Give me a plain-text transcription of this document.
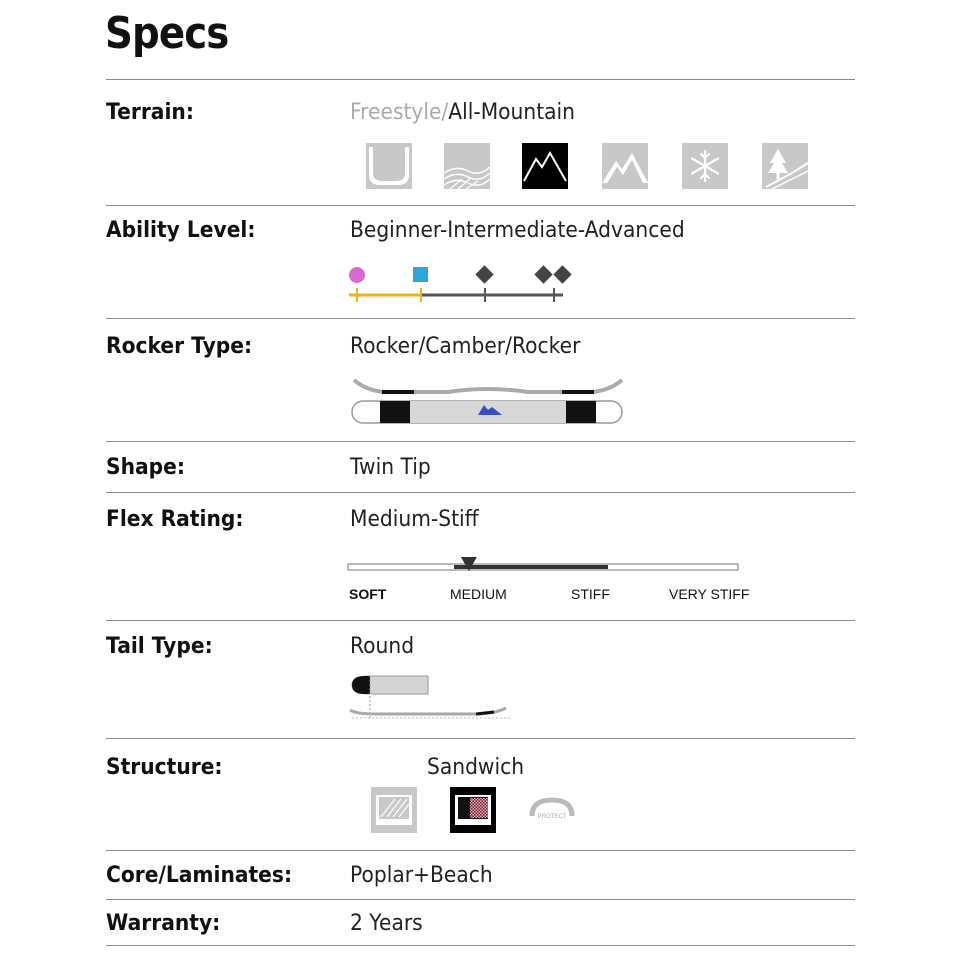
Specs
Terrain:	Freestyle/All-Mountain
Ability Level:	Beginner-Intermediate-Advanced
Rocker Type:	Rocker/Camber/Rocker
Shape:	Twin Tip
Flex Rating:	Medium-Stiff
SOFT	MEDIUM	STIFF	VERY STIFF
Tail Type:	Round
Structure:	Sandwich
PROTECT
Core/Laminates:	Poplar+Beach
Warranty:	2 Years
